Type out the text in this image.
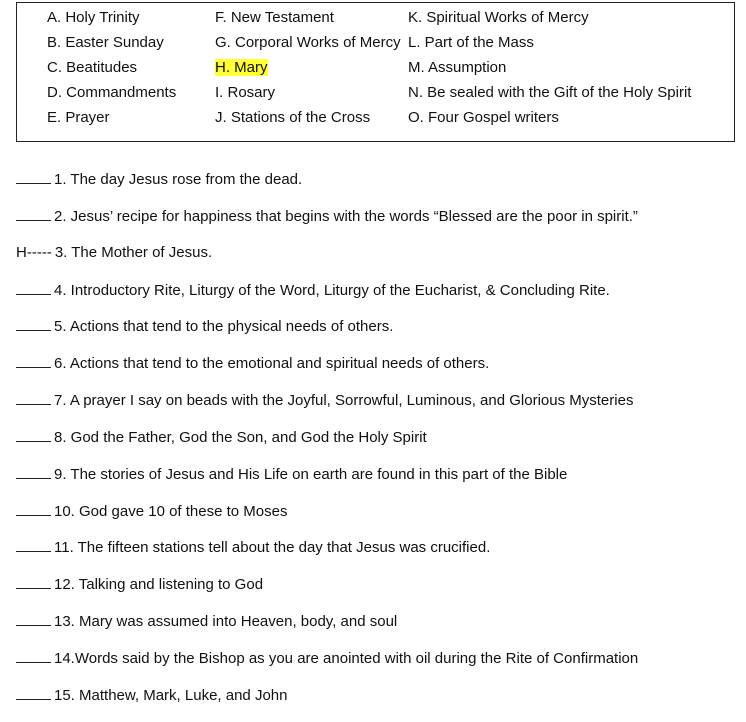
A. Holy Trinity
B. Easter Sunday
C. Beatitudes
D. Commandments
E. Prayer
F. New Testament
G. Corporal Works of Mercy
H. Mary
I. Rosary
J. Stations of the Cross
K. Spiritual Works of Mercy
L. Part of the Mass
M. Assumption
N. Be sealed with the Gift of the Holy Spirit
O. Four Gospel writers
1. The day Jesus rose from the dead.
2. Jesus’ recipe for happiness that begins with the words “Blessed are the poor in spirit.”
H----- 3. The Mother of Jesus.
4. Introductory Rite, Liturgy of the Word, Liturgy of the Eucharist, & Concluding Rite.
5. Actions that tend to the physical needs of others.
6. Actions that tend to the emotional and spiritual needs of others.
7. A prayer I say on beads with the Joyful, Sorrowful, Luminous, and Glorious Mysteries
8. God the Father, God the Son, and God the Holy Spirit
9. The stories of Jesus and His Life on earth are found in this part of the Bible
10. God gave 10 of these to Moses
11. The fifteen stations tell about the day that Jesus was crucified.
12. Talking and listening to God
13. Mary was assumed into Heaven, body, and soul
14.Words said by the Bishop as you are anointed with oil during the Rite of Confirmation
15. Matthew, Mark, Luke, and John
